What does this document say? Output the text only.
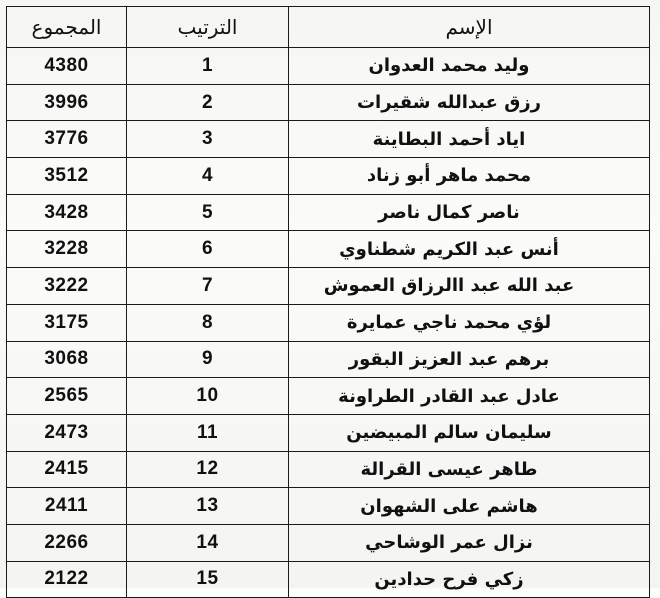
المجموع	الترتيب	الإسم
4380	1	وليد محمد العدوان
3996	2	رزق عبدالله شقيرات
3776	3	اياد أحمد البطاينة
3512	4	محمد ماهر أبو زناد
3428	5	ناصر كمال ناصر
3228	6	أنس عبد الكريم شطناوي
3222	7	عبد الله عبد االرزاق العموش
3175	8	لؤي محمد ناجي عمايرة
3068	9	برهم عبد العزيز البقور
2565	10	عادل عبد القادر الطراونة
2473	11	سليمان سالم المبيضين
2415	12	طاهر عيسى القرالة
2411	13	هاشم على الشهوان
2266	14	نزال عمر الوشاحي
2122	15	زكي فرح حدادين
